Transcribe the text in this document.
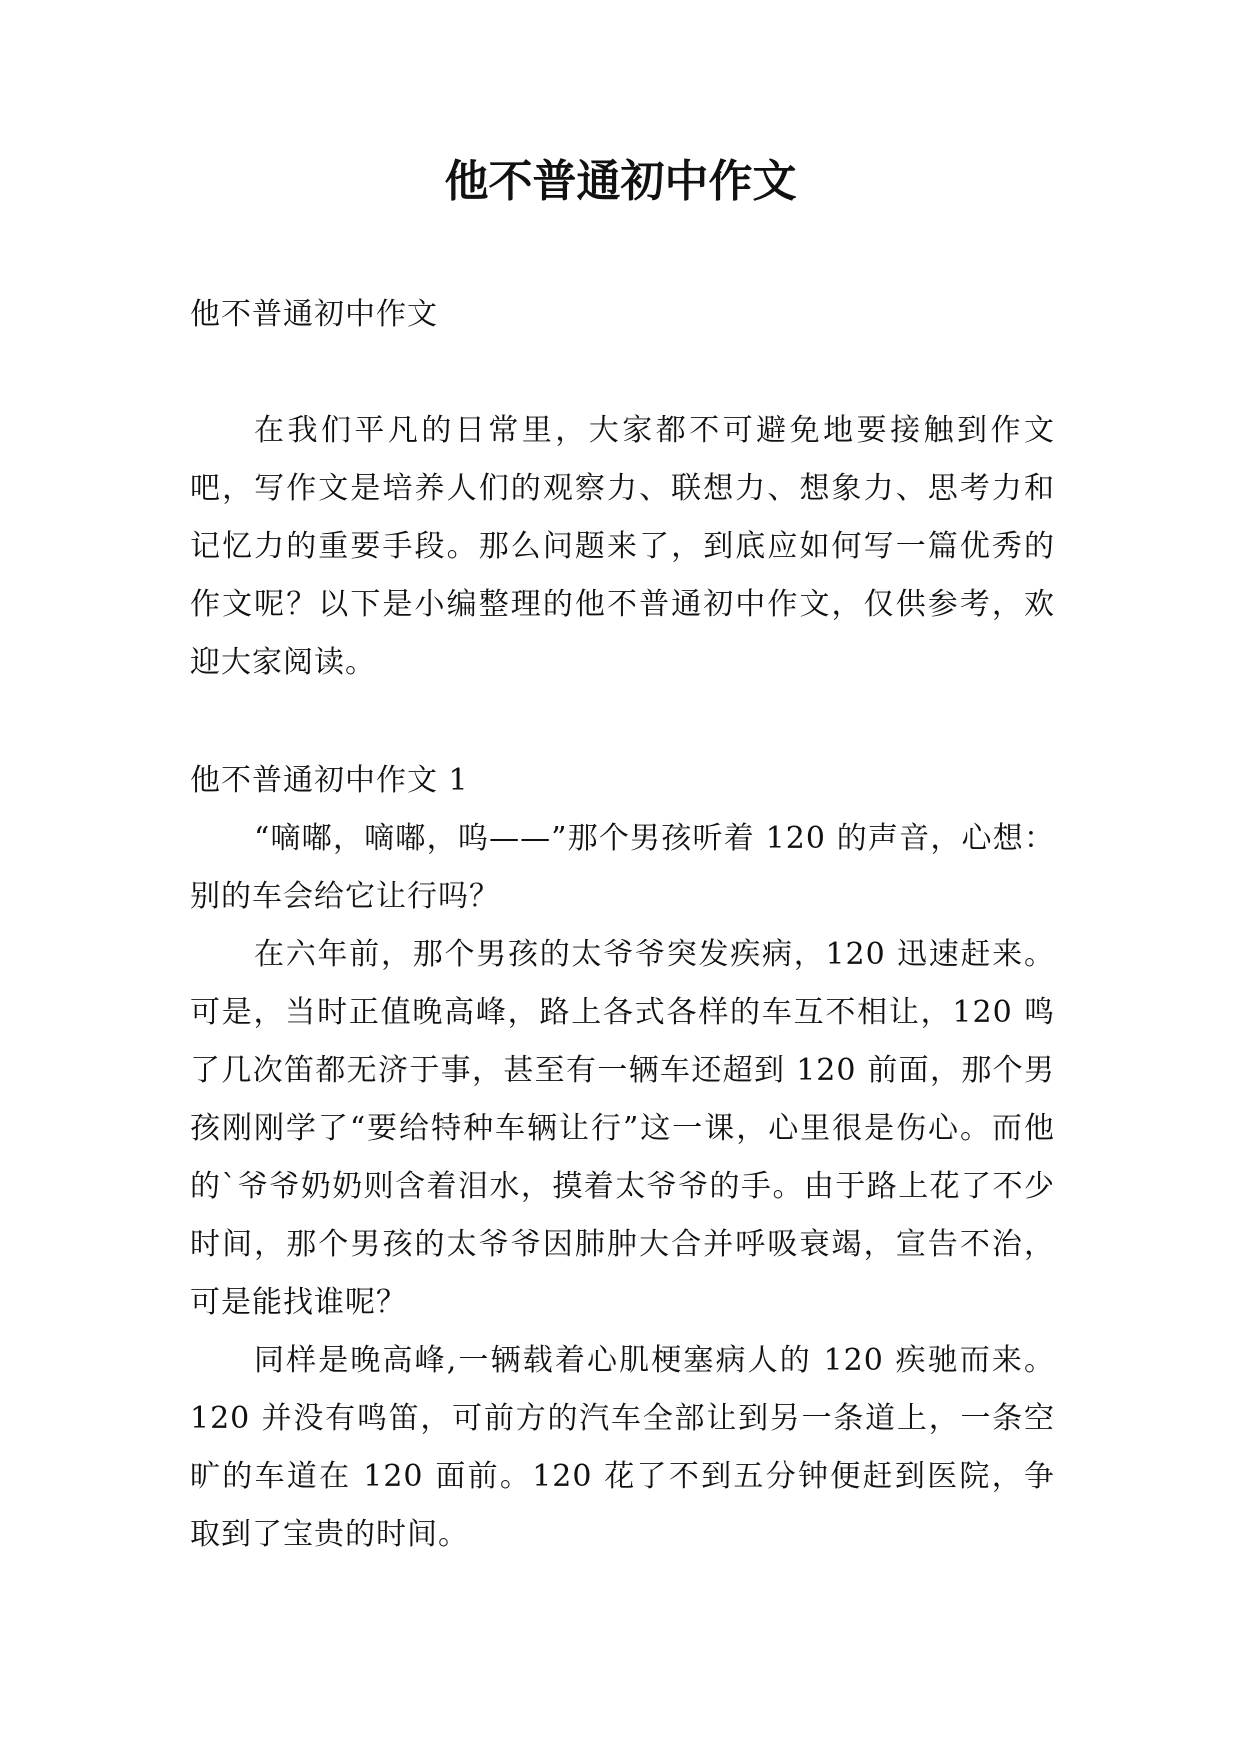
他不普通初中作文

他不普通初中作文

在我们平凡的日常里，大家都不可避免地要接触到作文吧，写作文是培养人们的观察力、联想力、想象力、思考力和记忆力的重要手段。那么问题来了，到底应如何写一篇优秀的作文呢？以下是小编整理的他不普通初中作文，仅供参考，欢迎大家阅读。

他不普通初中作文 1

“嘀嘟，嘀嘟，呜——”那个男孩听着 120 的声音，心想：别的车会给它让行吗？

在六年前，那个男孩的太爷爷突发疾病，120 迅速赶来。可是，当时正值晚高峰，路上各式各样的车互不相让，120 鸣了几次笛都无济于事，甚至有一辆车还超到 120 前面，那个男孩刚刚学了“要给特种车辆让行”这一课，心里很是伤心。而他的`爷爷奶奶则含着泪水，摸着太爷爷的手。由于路上花了不少时间，那个男孩的太爷爷因肺肿大合并呼吸衰竭，宣告不治，可是能找谁呢？

同样是晚高峰,一辆载着心肌梗塞病人的 120 疾驰而来。120 并没有鸣笛，可前方的汽车全部让到另一条道上，一条空旷的车道在 120 面前。120 花了不到五分钟便赶到医院，争取到了宝贵的时间。
